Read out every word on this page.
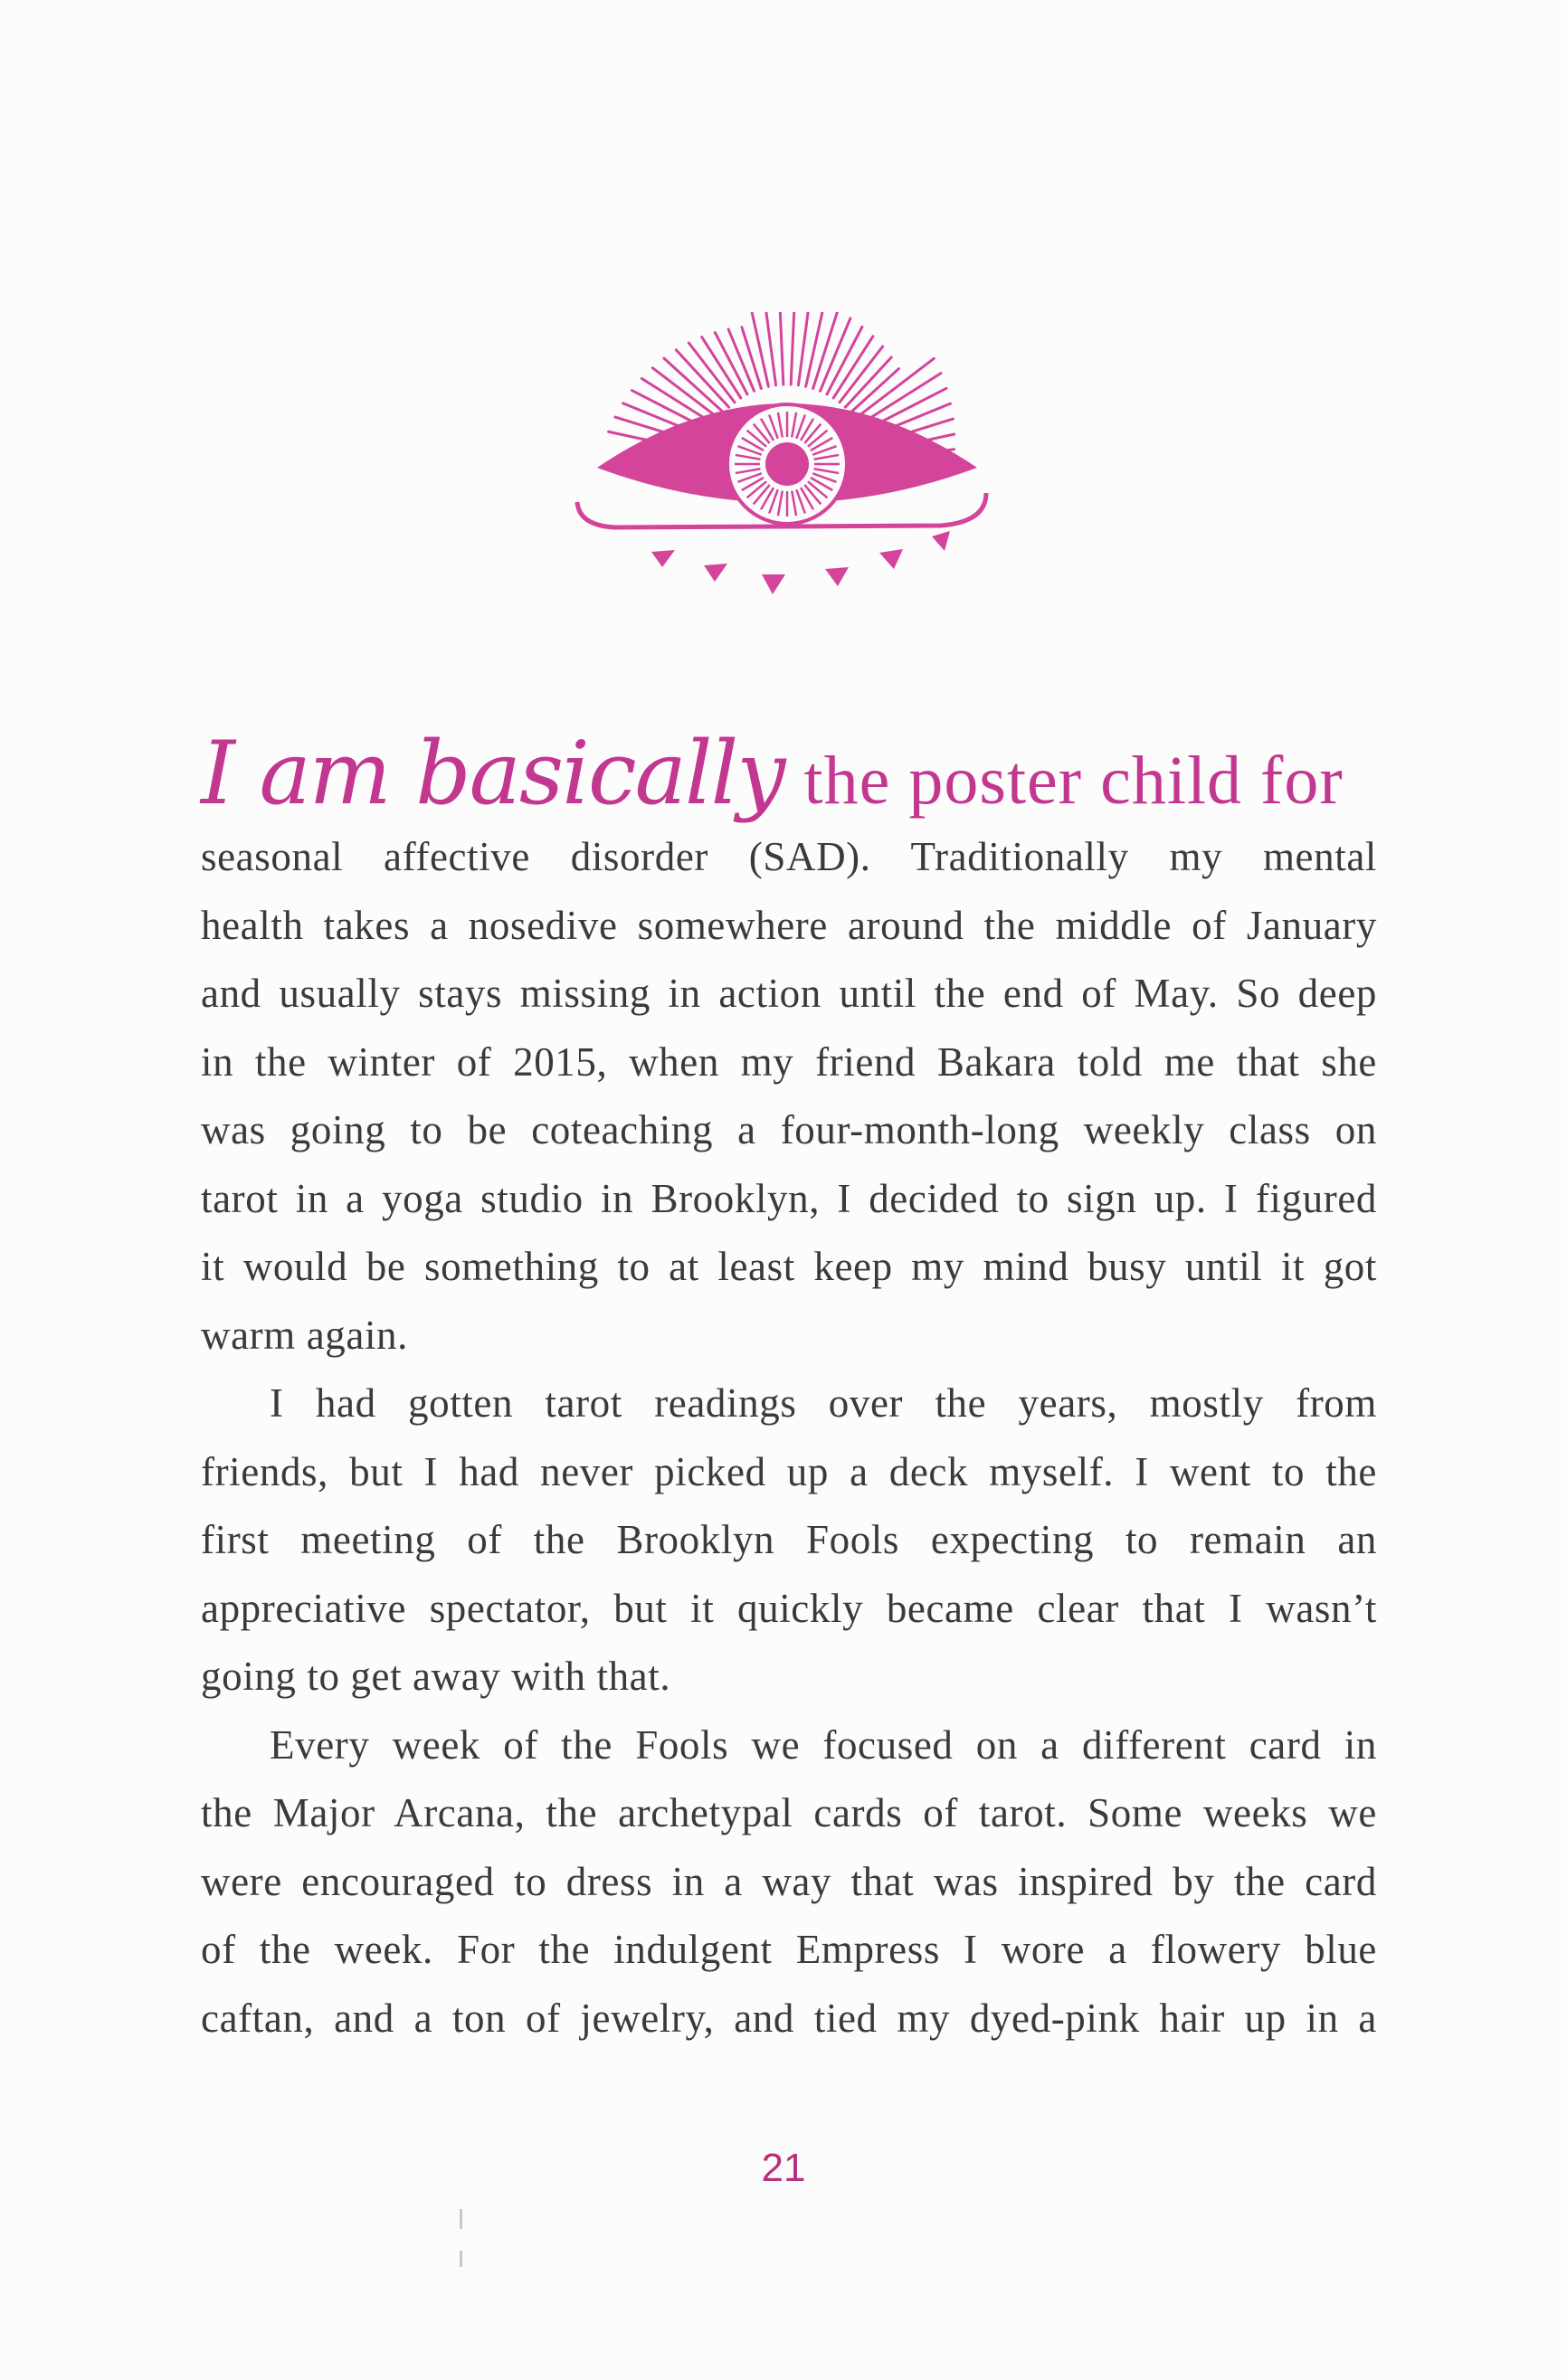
I am basically the poster child for

seasonal affective disorder (SAD). Traditionally my mental
health takes a nosedive somewhere around the middle of January
and usually stays missing in action until the end of May. So deep
in the winter of 2015, when my friend Bakara told me that she
was going to be coteaching a four-month-long weekly class on
tarot in a yoga studio in Brooklyn, I decided to sign up. I figured
it would be something to at least keep my mind busy until it got
warm again.
I had gotten tarot readings over the years, mostly from
friends, but I had never picked up a deck myself. I went to the
first meeting of the Brooklyn Fools expecting to remain an
appreciative spectator, but it quickly became clear that I wasn’t
going to get away with that.
Every week of the Fools we focused on a different card in
the Major Arcana, the archetypal cards of tarot. Some weeks we
were encouraged to dress in a way that was inspired by the card
of the week. For the indulgent Empress I wore a flowery blue
caftan, and a ton of jewelry, and tied my dyed-pink hair up in a
21
